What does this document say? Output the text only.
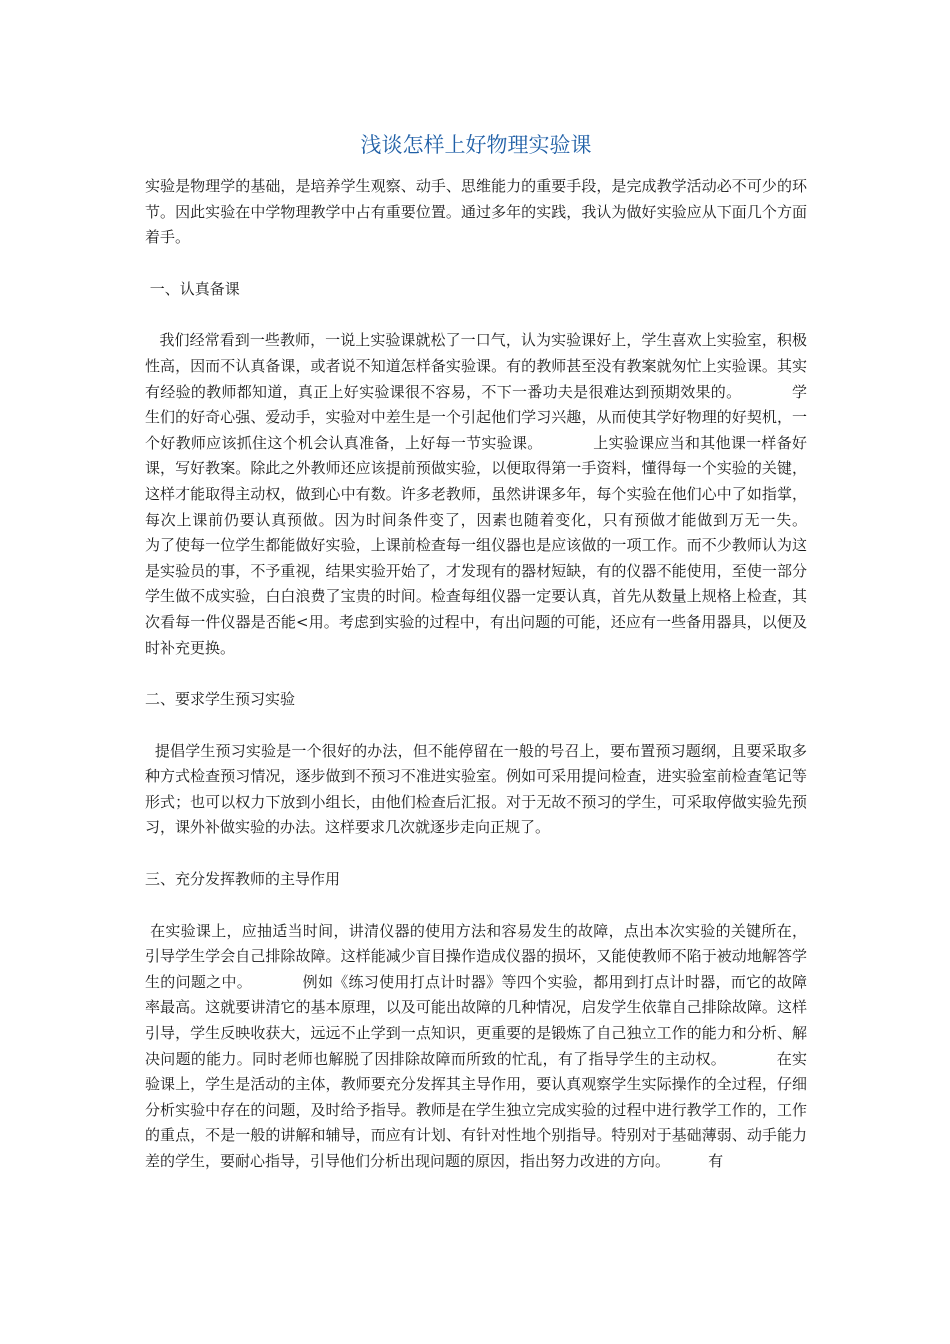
浅谈怎样上好物理实验课

实验是物理学的基础，是培养学生观察、动手、思维能力的重要手段，是完成教学活动必不可少的环节。因此实验在中学物理教学中占有重要位置。通过多年的实践，我认为做好实验应从下面几个方面着手。

一、认真备课

我们经常看到一些教师，一说上实验课就松了一口气，认为实验课好上，学生喜欢上实验室，积极性高，因而不认真备课，或者说不知道怎样备实验课。有的教师甚至没有教案就匆忙上实验课。其实有经验的教师都知道，真正上好实验课很不容易，不下一番功夫是很难达到预期效果的。          学生们的好奇心强、爱动手，实验对中差生是一个引起他们学习兴趣，从而使其学好物理的好契机，一个好教师应该抓住这个机会认真准备，上好每一节实验课。          上实验课应当和其他课一样备好课，写好教案。除此之外教师还应该提前预做实验，以便取得第一手资料，懂得每一个实验的关键，这样才能取得主动权，做到心中有数。许多老教师，虽然讲课多年，每个实验在他们心中了如指掌，每次上课前仍要认真预做。因为时间条件变了，因素也随着变化，只有预做才能做到万无一失。          为了使每一位学生都能做好实验，上课前检查每一组仪器也是应该做的一项工作。而不少教师认为这是实验员的事，不予重视，结果实验开始了，才发现有的器材短缺，有的仪器不能使用，至使一部分学生做不成实验，白白浪费了宝贵的时间。检查每组仪器一定要认真，首先从数量上规格上检查，其次看每一件仪器是否能<用。考虑到实验的过程中，有出问题的可能，还应有一些备用器具，以便及时补充更换。

二、要求学生预习实验

提倡学生预习实验是一个很好的办法，但不能停留在一般的号召上，要布置预习题纲，且要采取多种方式检查预习情况，逐步做到不预习不准进实验室。例如可采用提问检查，进实验室前检查笔记等形式；也可以权力下放到小组长，由他们检查后汇报。对于无故不预习的学生，可采取停做实验先预习，课外补做实验的办法。这样要求几次就逐步走向正规了。

三、充分发挥教师的主导作用

在实验课上，应抽适当时间，讲清仪器的使用方法和容易发生的故障，点出本次实验的关键所在，引导学生学会自己排除故障。这样能减少盲目操作造成仪器的损坏，又能使教师不陷于被动地解答学生的问题之中。          例如《练习使用打点计时器》等四个实验，都用到打点计时器，而它的故障率最高。这就要讲清它的基本原理，以及可能出故障的几种情况，启发学生依靠自己排除故障。这样引导，学生反映收获大，远远不止学到一点知识，更重要的是锻炼了自己独立工作的能力和分析、解决问题的能力。同时老师也解脱了因排除故障而所致的忙乱，有了指导学生的主动权。          在实验课上，学生是活动的主体，教师要充分发挥其主导作用，要认真观察学生实际操作的全过程，仔细分析实验中存在的问题，及时给予指导。教师是在学生独立完成实验的过程中进行教学工作的，工作的重点，不是一般的讲解和辅导，而应有计划、有针对性地个别指导。特别对于基础薄弱、动手能力差的学生，要耐心指导，引导他们分析出现问题的原因，指出努力改进的方向。        有
